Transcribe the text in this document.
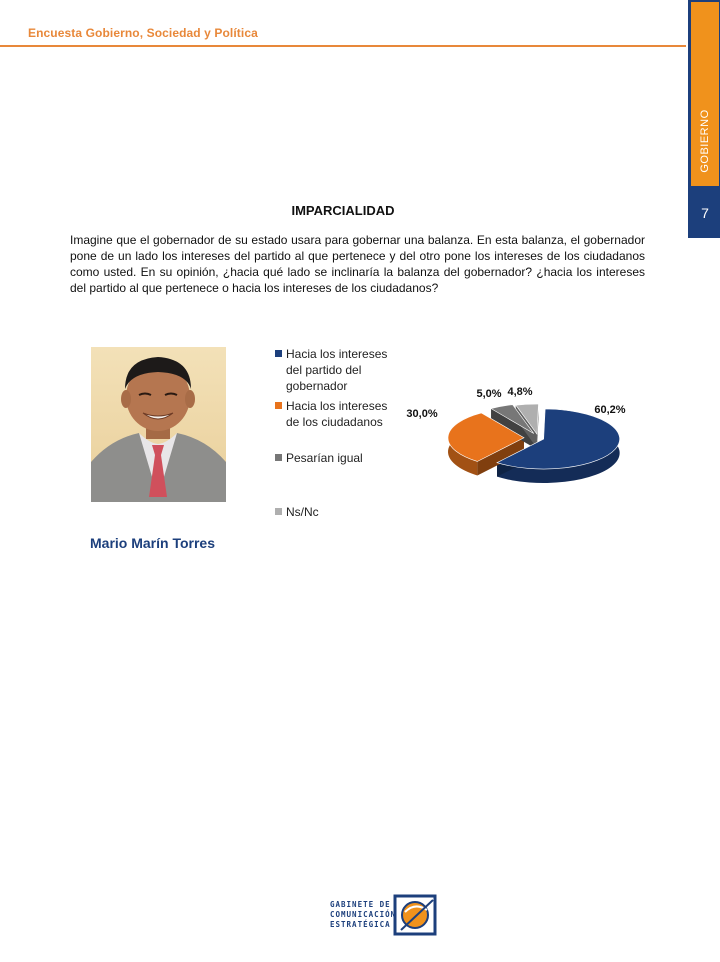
Encuesta Gobierno, Sociedad y Política
GOBIERNO
7
IMPARCIALIDAD
Imagine que el gobernador de su estado usara para gobernar una balanza. En esta balanza, el gobernador pone de un lado los intereses del partido al que pertenece y del otro pone los intereses de los ciudadanos como usted. En su opinión, ¿hacia qué lado se inclinaría la balanza del gobernador? ¿hacia los intereses del partido al que pertenece o hacia los intereses de los ciudadanos?
Mario Marín Torres
Hacia los intereses
del partido del
gobernador
Hacia los intereses
de los ciudadanos
Pesarían igual
Ns/Nc
60,2%
30,0%
5,0% 4,8%
GABINETE DE
COMUNICACIÓN
ESTRATÉGICA
